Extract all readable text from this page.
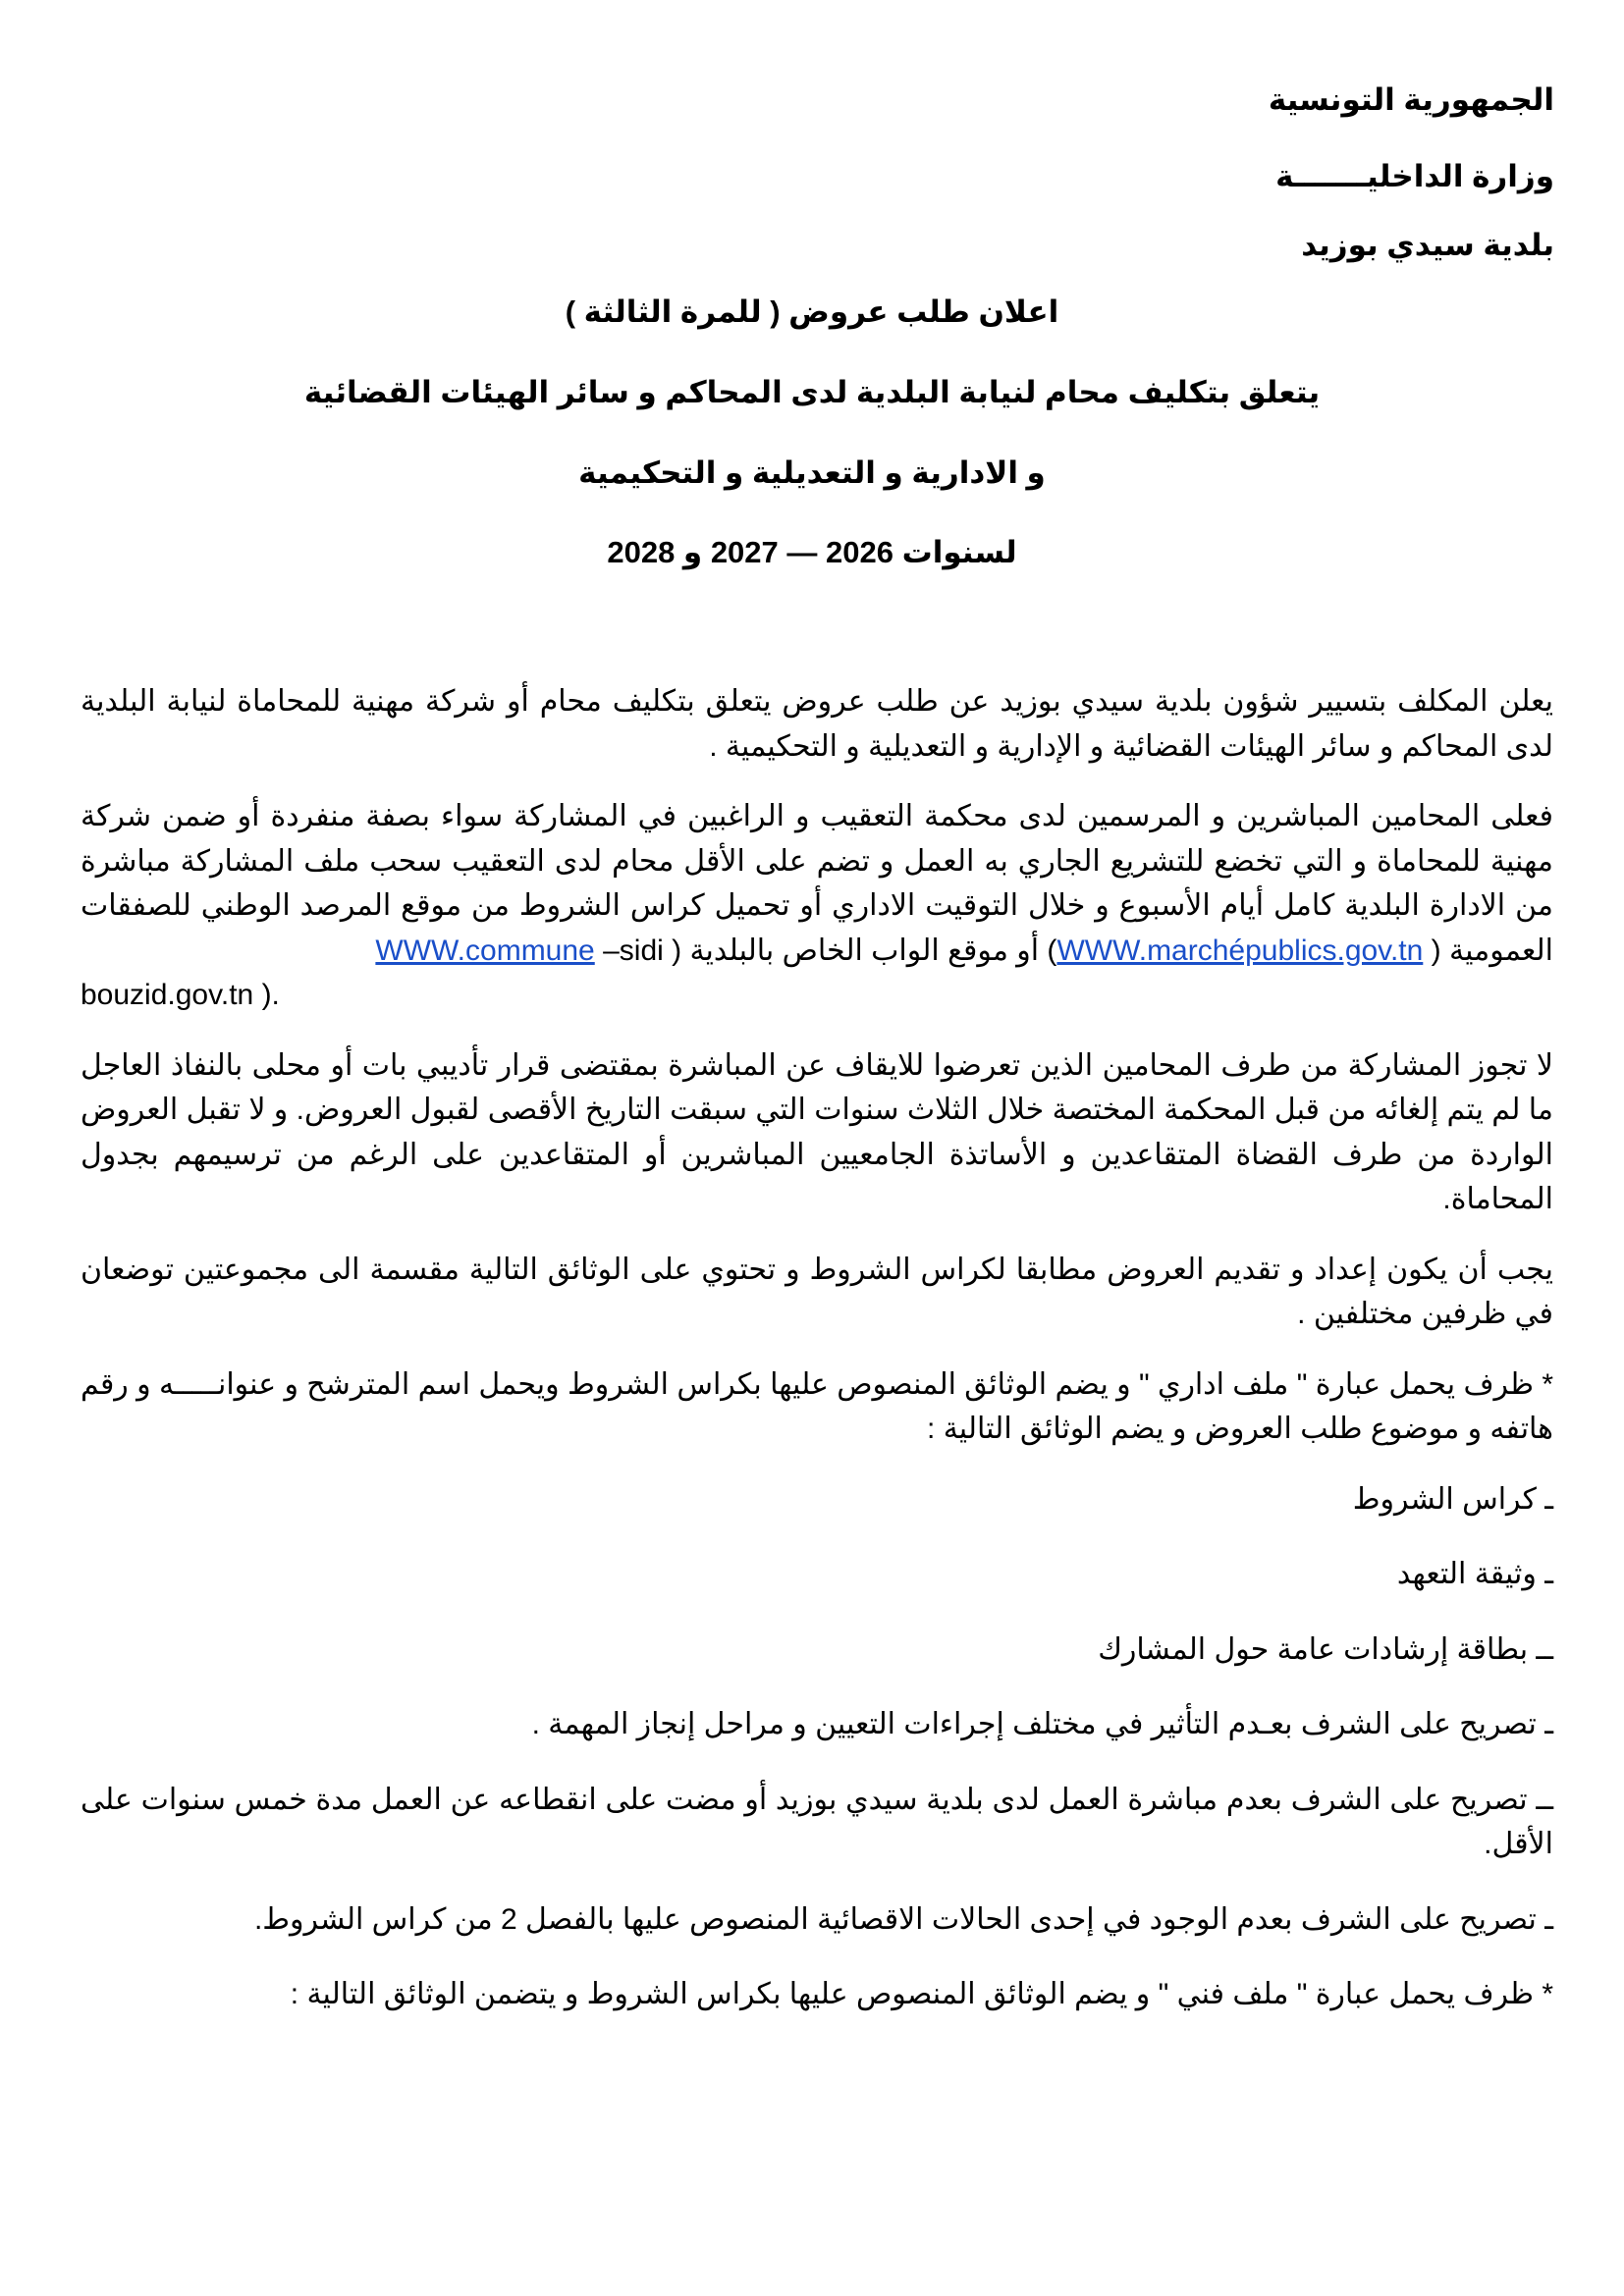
الجمهورية التونسية
وزارة الداخليـــــــة
بلدية سيدي بوزيد
اعلان طلب عروض ( للمرة الثالثة )
يتعلق بتكليف محام لنيابة البلدية لدى المحاكم و سائر الهيئات القضائية
و الادارية و التعديلية و التحكيمية
لسنوات 2026 — 2027 و 2028

يعلن المكلف بتسيير شؤون بلدية سيدي بوزيد عن طلب عروض يتعلق بتكليف محام أو شركة مهنية للمحاماة لنيابة البلدية لدى المحاكم و سائر الهيئات القضائية و الإدارية و التعديلية و التحكيمية .

فعلى المحامين المباشرين و المرسمين لدى محكمة التعقيب و الراغبين في المشاركة سواء بصفة منفردة أو ضمن شركة مهنية للمحاماة و التي تخضع للتشريع الجاري به العمل و تضم على الأقل محام لدى التعقيب سحب ملف المشاركة مباشرة من الادارة البلدية كامل أيام الأسبوع و خلال التوقيت الاداري أو تحميل كراس الشروط من موقع المرصد الوطني للصفقات العمومية ( WWW.marchépublics.gov.tn) أو موقع الواب الخاص بالبلدية ( WWW.commune –sidi
bouzid.gov.tn ).

لا تجوز المشاركة من طرف المحامين الذين تعرضوا للايقاف عن المباشرة بمقتضى قرار تأديبي بات أو محلى بالنفاذ العاجل ما لم يتم إلغائه من قبل المحكمة المختصة خلال الثلاث سنوات التي سبقت التاريخ الأقصى لقبول العروض. و لا تقبل العروض الواردة من طرف القضاة المتقاعدين و الأساتذة الجامعيين المباشرين أو المتقاعدين على الرغم من ترسيمهم بجدول المحاماة.

يجب أن يكون إعداد و تقديم العروض مطابقا لكراس الشروط و تحتوي على الوثائق التالية مقسمة الى مجموعتين توضعان في ظرفين مختلفين .

* ظرف يحمل عبارة " ملف اداري " و يضم الوثائق المنصوص عليها بكراس الشروط ويحمل اسم المترشح و عنوانـــــه و رقم هاتفه و موضوع طلب العروض و يضم الوثائق التالية :

ـ كراس الشروط

ـ وثيقة التعهد

ــ بطاقة إرشادات عامة حول المشارك

ـ تصريح على الشرف بعـدم التأثير في مختلف إجراءات التعيين و مراحل إنجاز المهمة .

ــ تصريح على الشرف بعدم مباشرة العمل لدى بلدية سيدي بوزيد أو مضت على انقطاعه عن العمل مدة خمس سنوات على الأقل.

ـ تصريح على الشرف بعدم الوجود في إحدى الحالات الاقصائية المنصوص عليها بالفصل 2 من كراس الشروط.

* ظرف يحمل عبارة " ملف فني " و يضم الوثائق المنصوص عليها بكراس الشروط و يتضمن الوثائق التالية :
